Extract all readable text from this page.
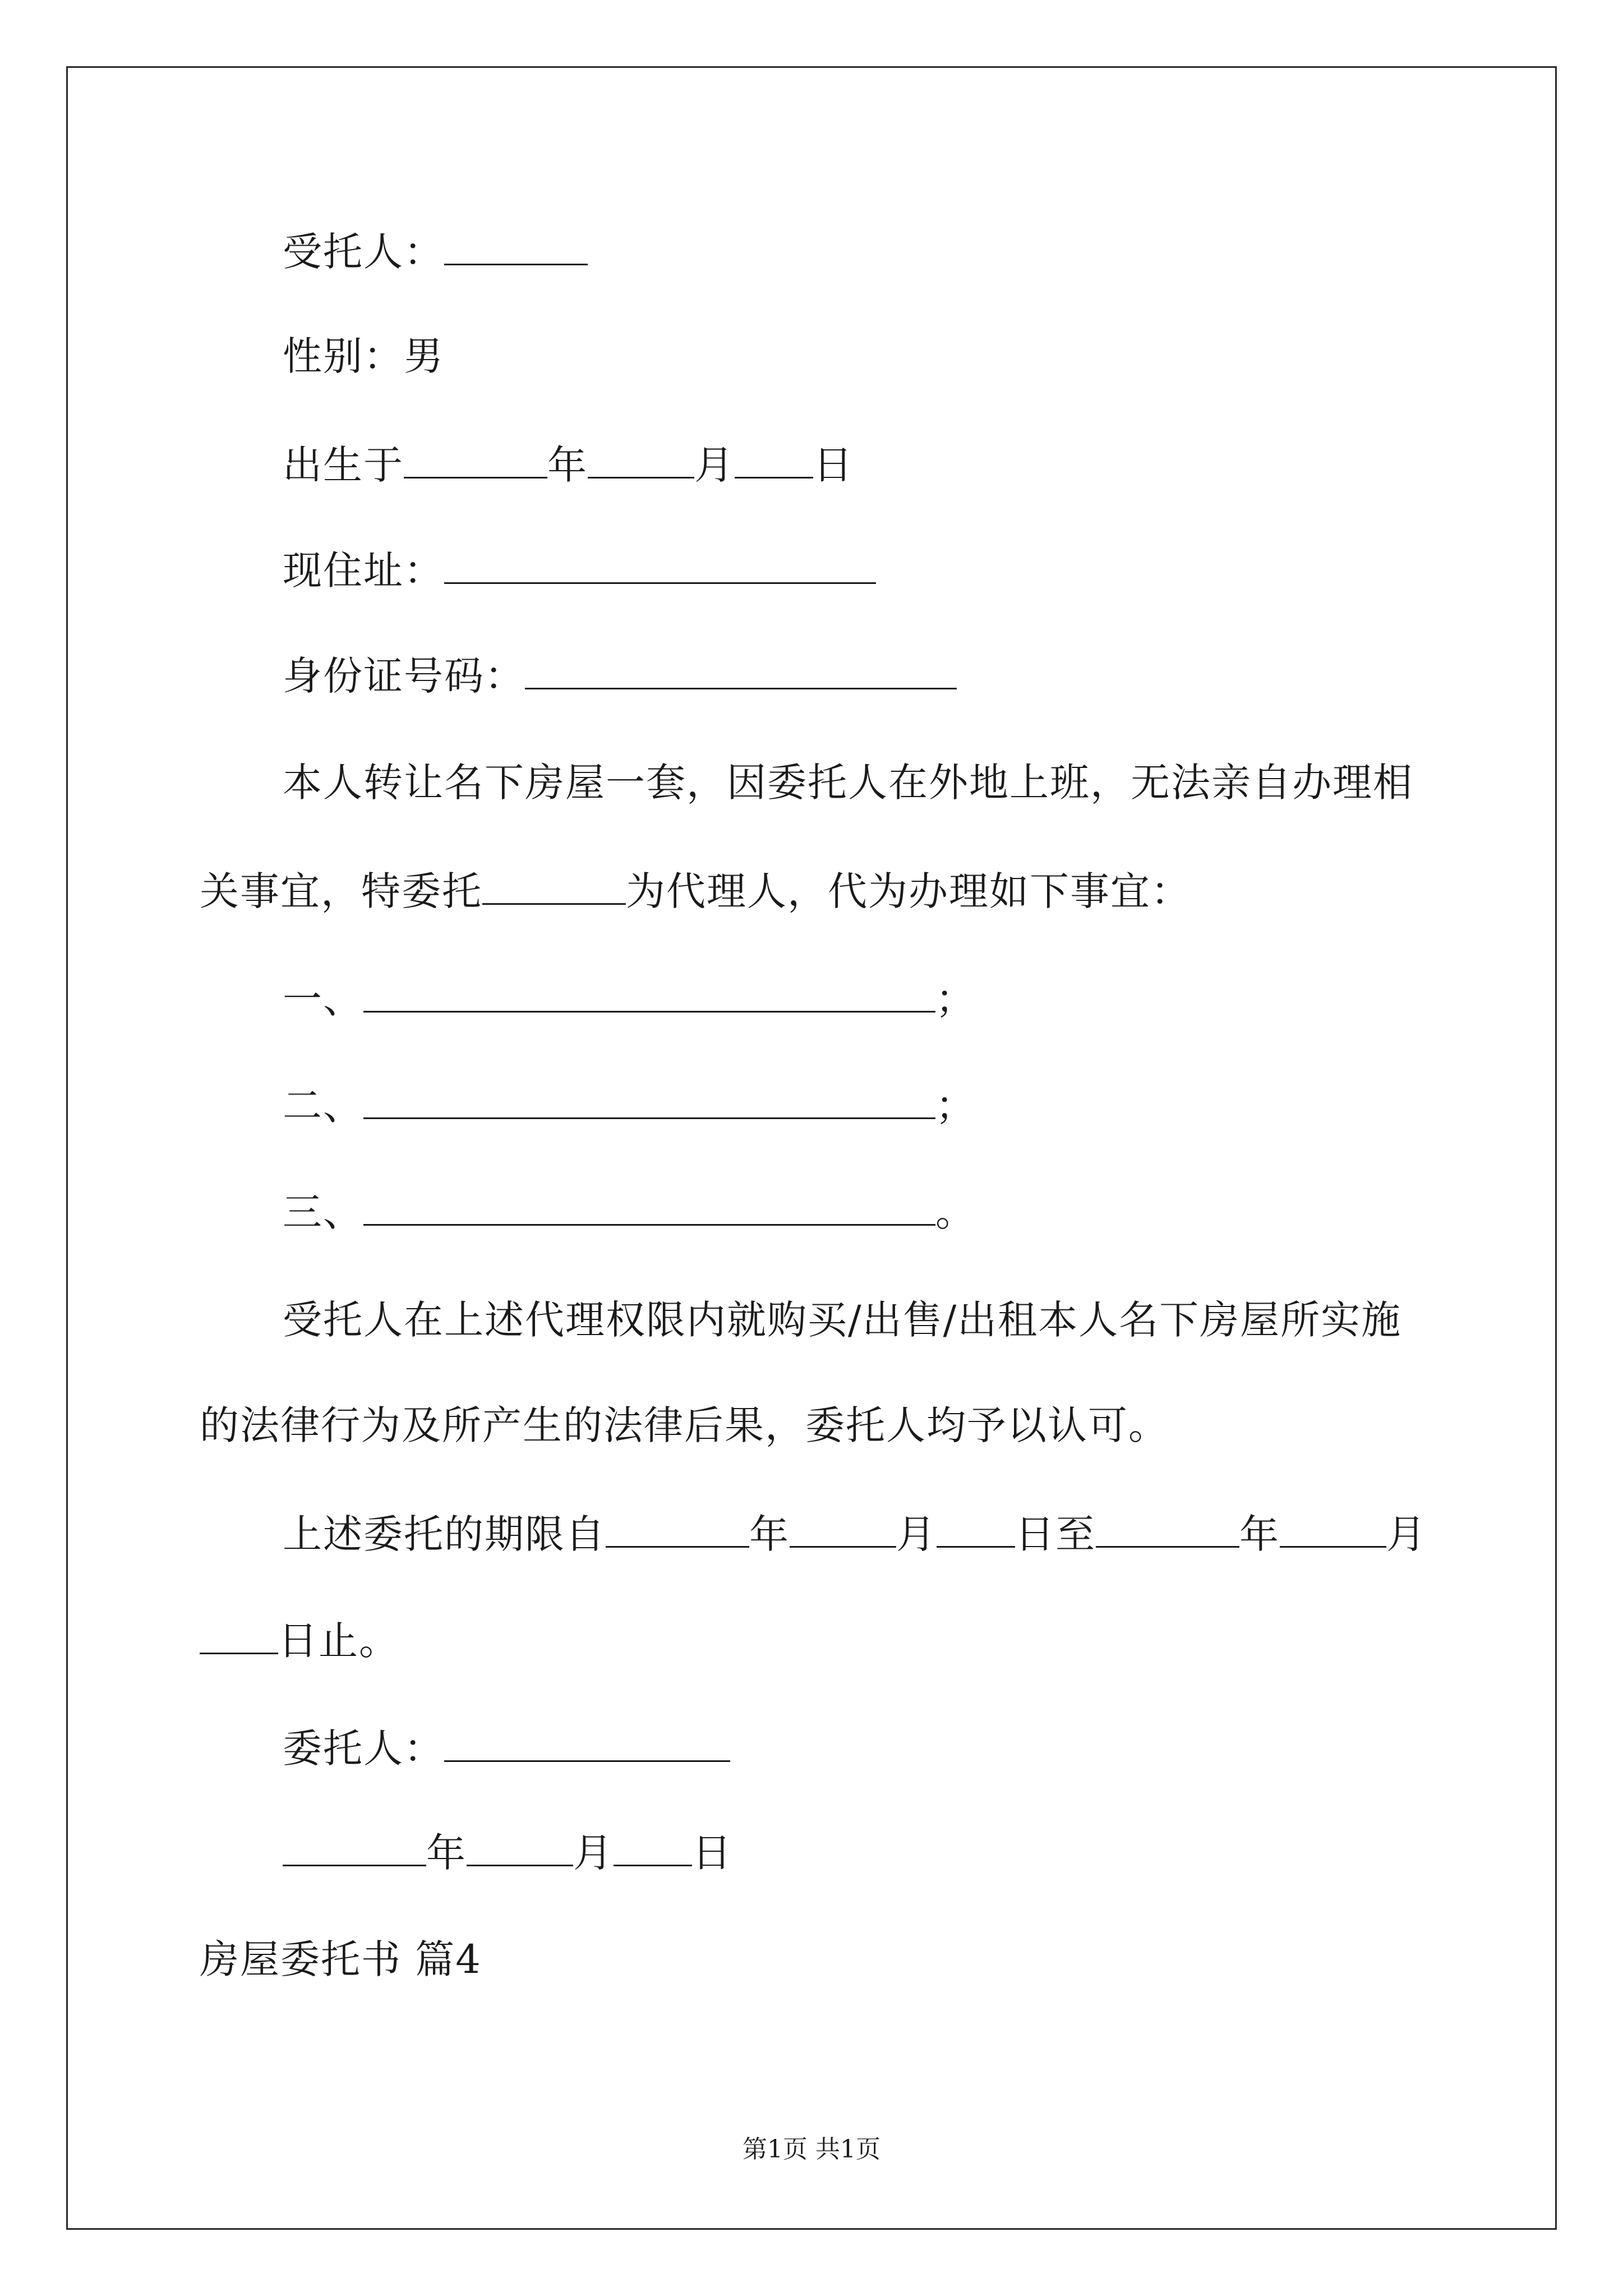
受托人：
性别：男
出生于	年	月 日
现住址：
身份证号码：
本人转让名下房屋一套，因委托人在外地上班，无法亲自办理相
关事宜，特委托	为代理人，代为办理如下事宜：
一、	；
二、	；
三、	。
受托人在上述代理权限内就购买/出售/出租本人名下房屋所实施
的法律行为及所产生的法律后果，委托人均予以认可。
上述委托的期限自	年	月 日至	年	月
日止。
委托人：
年	月 日
房屋委托书 篇4
第1页 共1页
